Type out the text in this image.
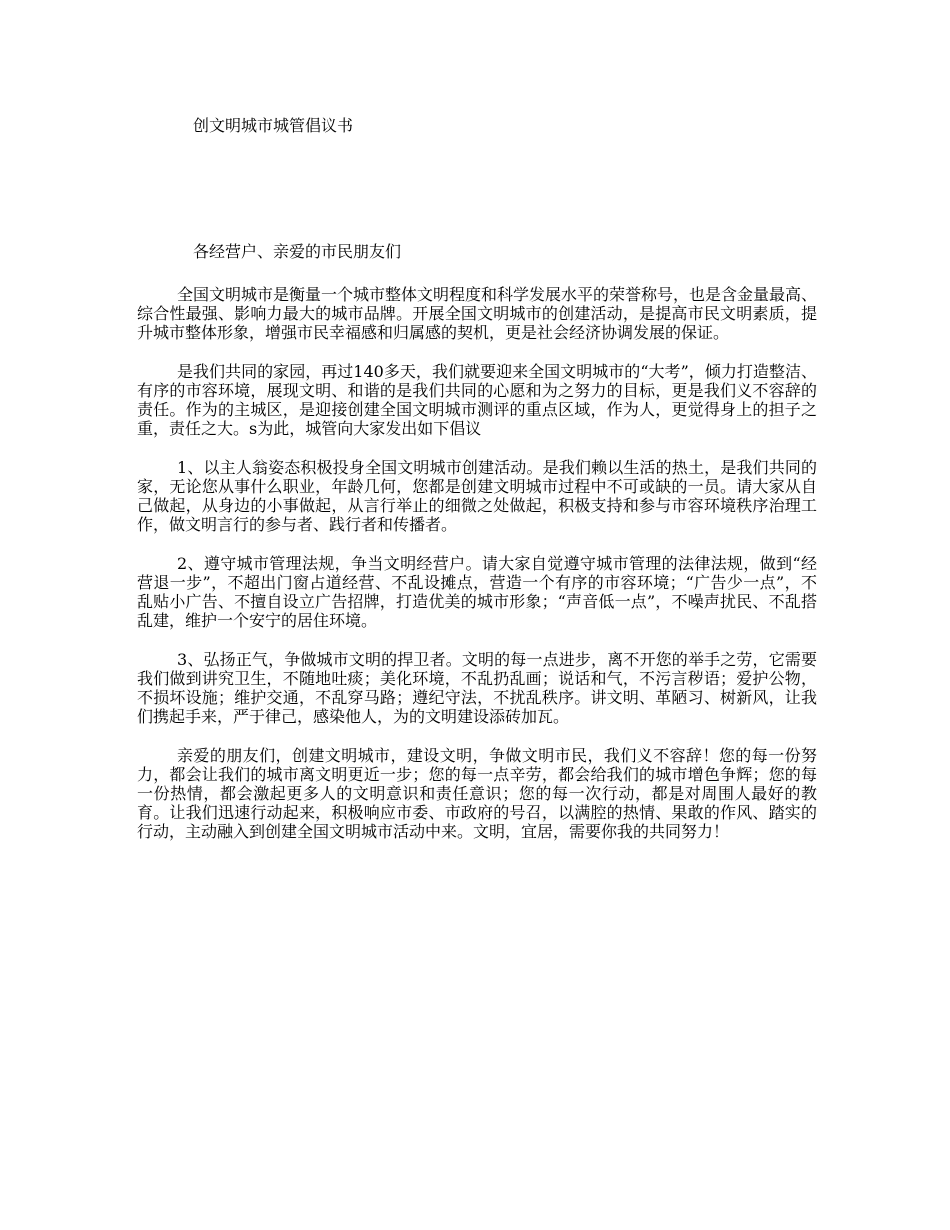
创文明城市城管倡议书
各经营户、亲爱的市民朋友们

全国文明城市是衡量一个城市整体文明程度和科学发展水平的荣誉称号，也是含金量最高、综合性最强、影响力最大的城市品牌。开展全国文明城市的创建活动，是提高市民文明素质，提升城市整体形象，增强市民幸福感和归属感的契机，更是社会经济协调发展的保证。

是我们共同的家园，再过140多天，我们就要迎来全国文明城市的“大考”，倾力打造整洁、有序的市容环境，展现文明、和谐的是我们共同的心愿和为之努力的目标，更是我们义不容辞的责任。作为的主城区，是迎接创建全国文明城市测评的重点区域，作为人，更觉得身上的担子之重，责任之大。s为此，城管向大家发出如下倡议

1、以主人翁姿态积极投身全国文明城市创建活动。是我们赖以生活的热土，是我们共同的家，无论您从事什么职业，年龄几何，您都是创建文明城市过程中不可或缺的一员。请大家从自己做起，从身边的小事做起，从言行举止的细微之处做起，积极支持和参与市容环境秩序治理工作，做文明言行的参与者、践行者和传播者。

2、遵守城市管理法规，争当文明经营户。请大家自觉遵守城市管理的法律法规，做到“经营退一步”，不超出门窗占道经营、不乱设摊点，营造一个有序的市容环境；“广告少一点”，不乱贴小广告、不擅自设立广告招牌，打造优美的城市形象；“声音低一点”，不噪声扰民、不乱搭乱建，维护一个安宁的居住环境。

3、弘扬正气，争做城市文明的捍卫者。文明的每一点进步，离不开您的举手之劳，它需要我们做到讲究卫生，不随地吐痰；美化环境，不乱扔乱画；说话和气，不污言秽语；爱护公物，不损坏设施；维护交通，不乱穿马路；遵纪守法，不扰乱秩序。讲文明、革陋习、树新风，让我们携起手来，严于律己，感染他人，为的文明建设添砖加瓦。

亲爱的朋友们，创建文明城市，建设文明，争做文明市民，我们义不容辞！您的每一份努力，都会让我们的城市离文明更近一步；您的每一点辛劳，都会给我们的城市增色争辉；您的每一份热情，都会激起更多人的文明意识和责任意识；您的每一次行动，都是对周围人最好的教育。让我们迅速行动起来，积极响应市委、市政府的号召，以满腔的热情、果敢的作风、踏实的行动，主动融入到创建全国文明城市活动中来。文明，宜居，需要你我的共同努力！
